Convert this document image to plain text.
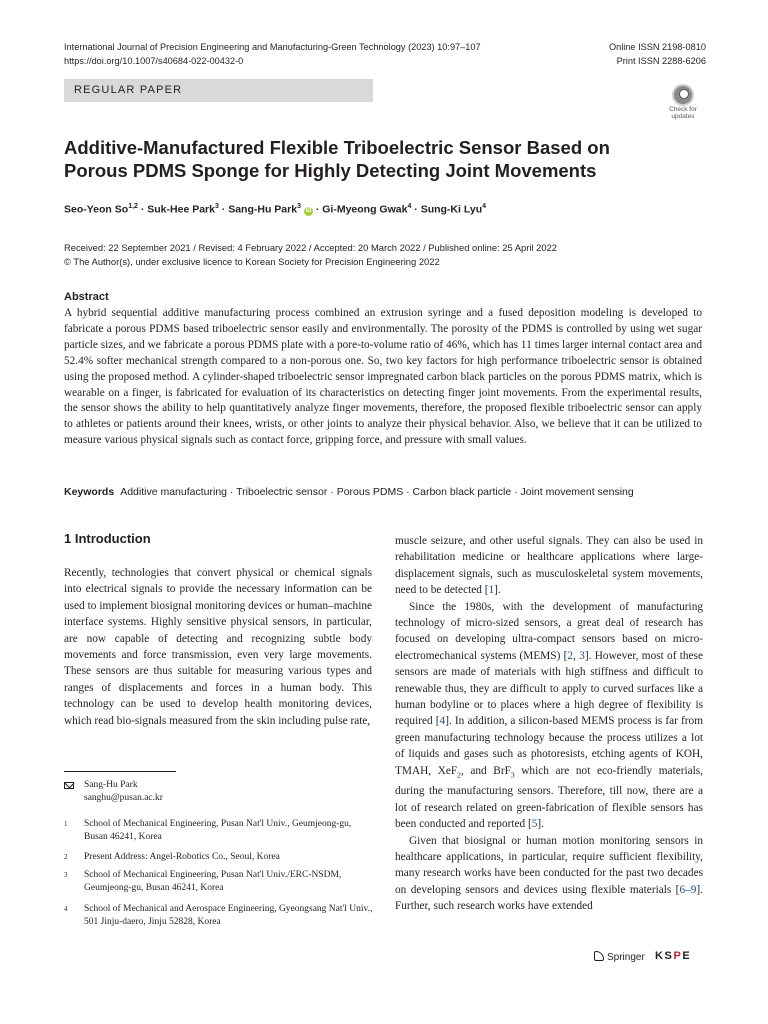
International Journal of Precision Engineering and Manufacturing-Green Technology (2023) 10:97–107
https://doi.org/10.1007/s40684-022-00432-0
Online ISSN 2198-0810
Print ISSN 2288-6206
REGULAR PAPER
Check for
updates
Additive-Manufactured Flexible Triboelectric Sensor Based on Porous PDMS Sponge for Highly Detecting Joint Movements
Seo-Yeon So$^{1,2}$ · Suk-Hee Park$^3$ · Sang-Hu Park$^3$ iD · Gi-Myeong Gwak$^4$ · Sung-Ki Lyu$^4$
Received: 22 September 2021 / Revised: 4 February 2022 / Accepted: 20 March 2022 / Published online: 25 April 2022
© The Author(s), under exclusive licence to Korean Society for Precision Engineering 2022
Abstract
A hybrid sequential additive manufacturing process combined an extrusion syringe and a fused deposition modeling is developed to fabricate a porous PDMS based triboelectric sensor easily and environmentally. The porosity of the PDMS is controlled by using wet sugar particle sizes, and we fabricate a porous PDMS plate with a pore-to-volume ratio of 46%, which has 11 times larger internal contact area and 52.4% softer mechanical strength compared to a non-porous one. So, two key factors for high performance triboelectric sensor is obtained using the proposed method. A cylinder-shaped triboelectric sensor impregnated carbon black particles on the porous PDMS matrix, which is wearable on a finger, is fabricated for evaluation of its characteristics on detecting finger joint movements. From the experimental results, the sensor shows the ability to help quantitatively analyze finger movements, therefore, the proposed flexible triboelectric sensor can apply to athletes or patients around their knees, wrists, or other joints to analyze their physical behavior. Also, we believe that it can be utilized to measure various physical signals such as contact force, gripping force, and pressure with small values.
Keywords Additive manufacturing · Triboelectric sensor · Porous PDMS · Carbon black particle · Joint movement sensing
1 Introduction

Recently, technologies that convert physical or chemical signals into electrical signals to provide the necessary information can be used to implement biosignal monitoring devices or human–machine interface systems. Highly sensitive physical sensors, in particular, are now capable of detecting and recognizing subtle body movements and force transmission, even very large movements. These sensors are thus suitable for measuring various types and ranges of displacements and forces in a human body. This technology can be used to develop health monitoring devices, which read bio-signals measured from the skin including pulse rate,

Sang-Hu Park
sanghu@pusan.ac.kr
1 School of Mechanical Engineering, Pusan Nat'l Univ., Geumjeong-gu, Busan 46241, Korea
2 Present Address: Angel-Robotics Co., Seoul, Korea
3 School of Mechanical Engineering, Pusan Nat'l Univ./ERC-NSDM, Geumjeong-gu, Busan 46241, Korea
4 School of Mechanical and Aerospace Engineering, Gyeongsang Nat'l Univ., 501 Jinju-daero, Jinju 52828, Korea

muscle seizure, and other useful signals. They can also be used in rehabilitation medicine or healthcare applications where large-displacement signals, such as musculoskeletal system movements, need to be detected [1].

Since the 1980s, with the development of manufacturing technology of micro-sized sensors, a great deal of research has focused on developing ultra-compact sensors based on micro-electromechanical systems (MEMS) [2, 3]. However, most of these sensors are made of materials with high stiffness and difficult to renewable thus, they are difficult to apply to curved surfaces like a human bodyline or to places where a high degree of flexibility is required [4]. In addition, a silicon-based MEMS process is far from green manufacturing technology because the process utilizes a lot of liquids and gases such as photoresists, etching agents of KOH, TMAH, XeF$_2$, and BrF$_3$ which are not eco-friendly materials, during the manufacturing sensors. Therefore, till now, there are a lot of research related on green-fabrication of flexible sensors has been conducted and reported [5].

Given that biosignal or human motion monitoring sensors in healthcare applications, in particular, require sufficient flexibility, many research works have been conducted for the past two decades on developing sensors and devices using flexible materials [6–9]. Further, such research works have extended

Springer KSPE
